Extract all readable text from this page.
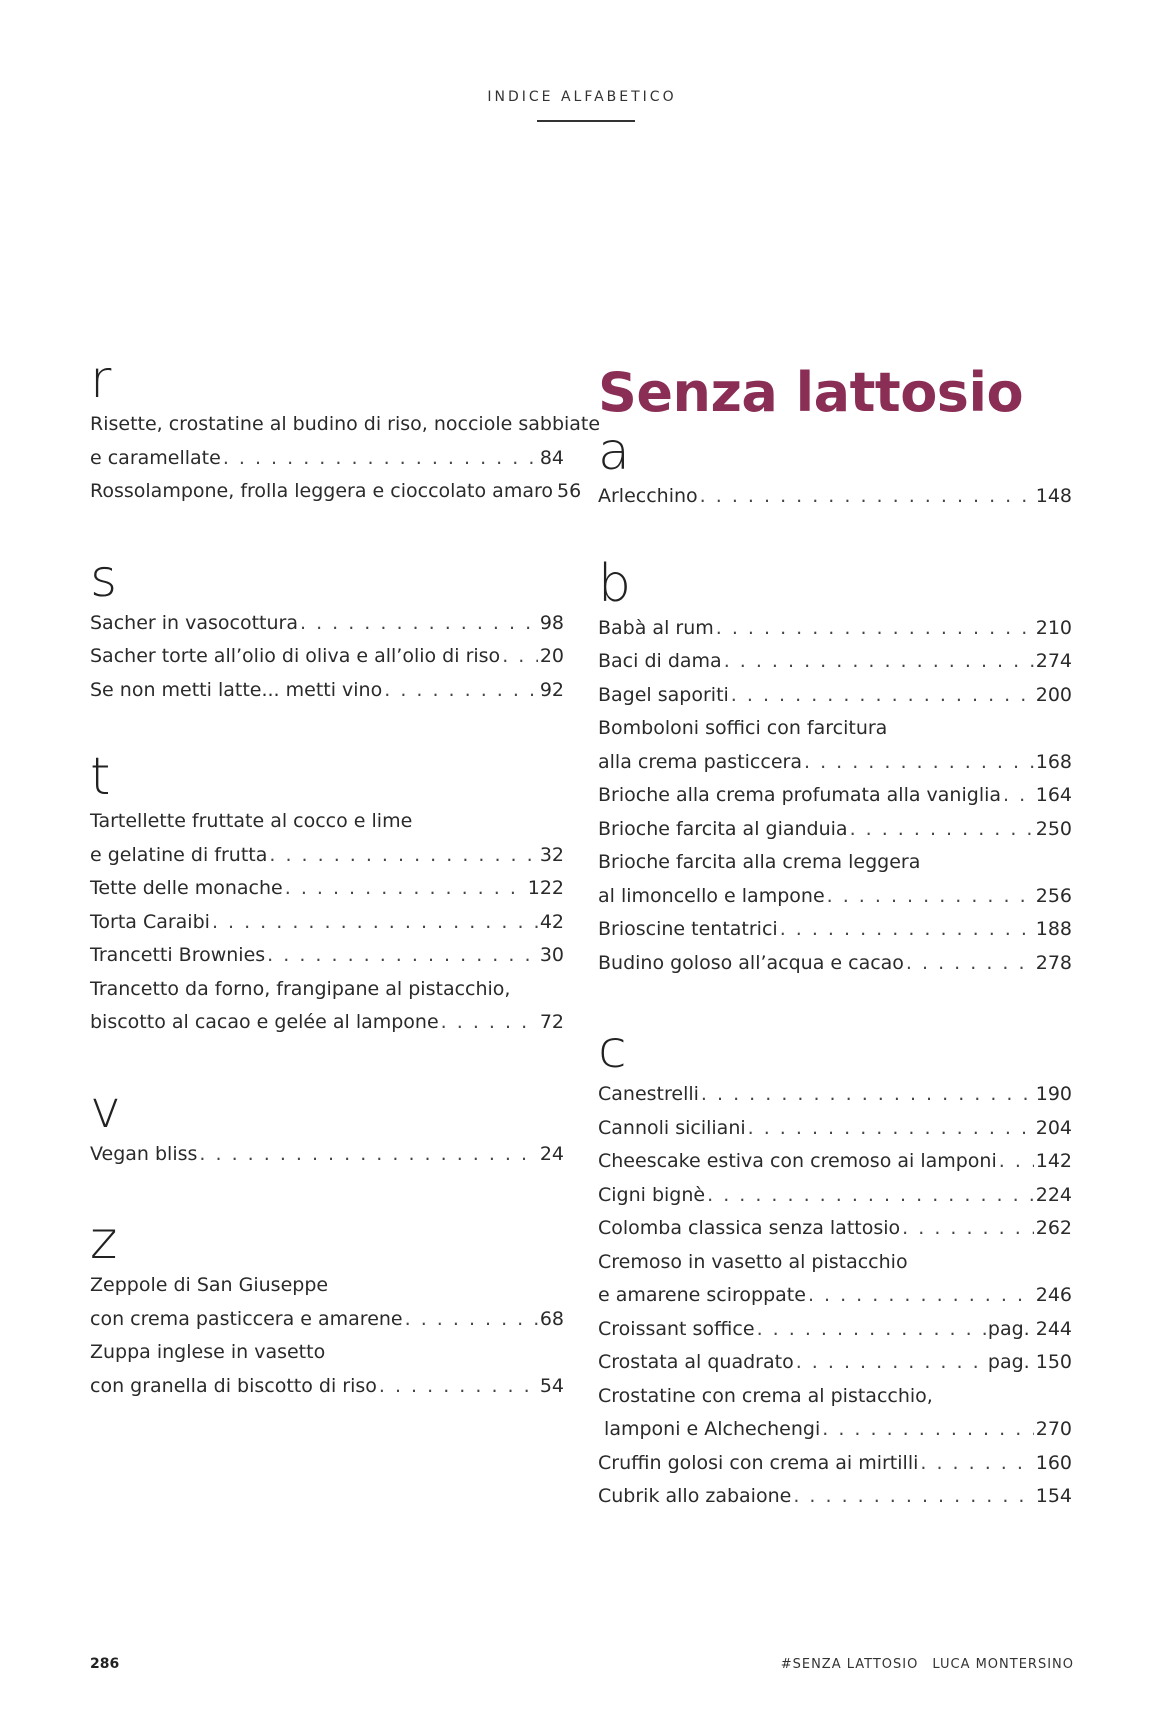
INDICE ALFABETICO
r
Risette, crostatine al budino di riso, nocciole sabbiate
e caramellate . . .	84
Rossolampone, frolla leggera e cioccolato amaro 56
s
Sacher in vasocottura . . .	98
Sacher torte all’olio di oliva e all’olio di riso . . . 20
Se non metti latte... metti vino . . .	92
t
Tartellette fruttate al cocco e lime
e gelatine di frutta . . .	32
Tette delle monache . . .	122
Torta Caraibi . . .	42
Trancetti Brownies . . .	30
Trancetto da forno, frangipane al pistacchio,
biscotto al cacao e gelée al lampone . . .	72
v
Vegan bliss . . .	24
z
Zeppole di San Giuseppe
con crema pasticcera e amarene . . .	68
Zuppa inglese in vasetto
con granella di biscotto di riso . . .	54
Senza lattosio
a
Arlecchino . . .	148
b
Babà al rum . . .	210
Baci di dama . . .	274
Bagel saporiti . . .	200
Bomboloni soffici con farcitura
alla crema pasticcera . . .	168
Brioche alla crema profumata alla vaniglia . . . 164
Brioche farcita al gianduia . . .	250
Brioche farcita alla crema leggera
al limoncello e lampone . . .	256
Brioscine tentatrici . . .	188
Budino goloso all’acqua e cacao . . .	278
c
Canestrelli . . .	190
Cannoli siciliani . . .	204
Cheescake estiva con cremoso ai lamponi . . . 142
Cigni bignè . . .	224
Colomba classica senza lattosio . . .	262
Cremoso in vasetto al pistacchio
e amarene sciroppate . . .	246
Croissant soffice . . .	pag. 244
Crostata al quadrato . . .	pag. 150
Crostatine con crema al pistacchio,
lamponi e Alchechengi . . .	270
Cruffin golosi con crema ai mirtilli . . .	160
Cubrik allo zabaione . . .	154
286	#SENZA LATTOSIO LUCA MONTERSINO
